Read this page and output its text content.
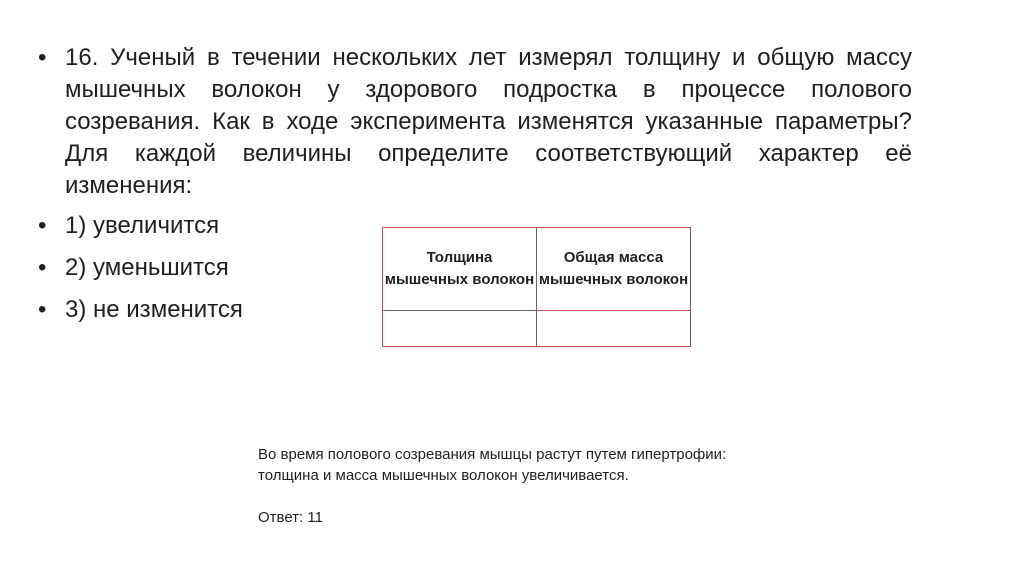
• 16. Ученый в течении нескольких лет измерял толщину и общую массу мышечных волокон у здорового подростка в процессе полового созревания. Как в ходе эксперимента изменятся указанные параметры? Для каждой величины определите соответствующий характер её изменения:
• 1) увеличится
• 2) уменьшится
• 3) не изменится
Толщина мышечных волокон	Общая масса мышечных волокон

Во время полового созревания мышцы растут путем гипертрофии: толщина и масса мышечных волокон увеличивается.

Ответ: 11
